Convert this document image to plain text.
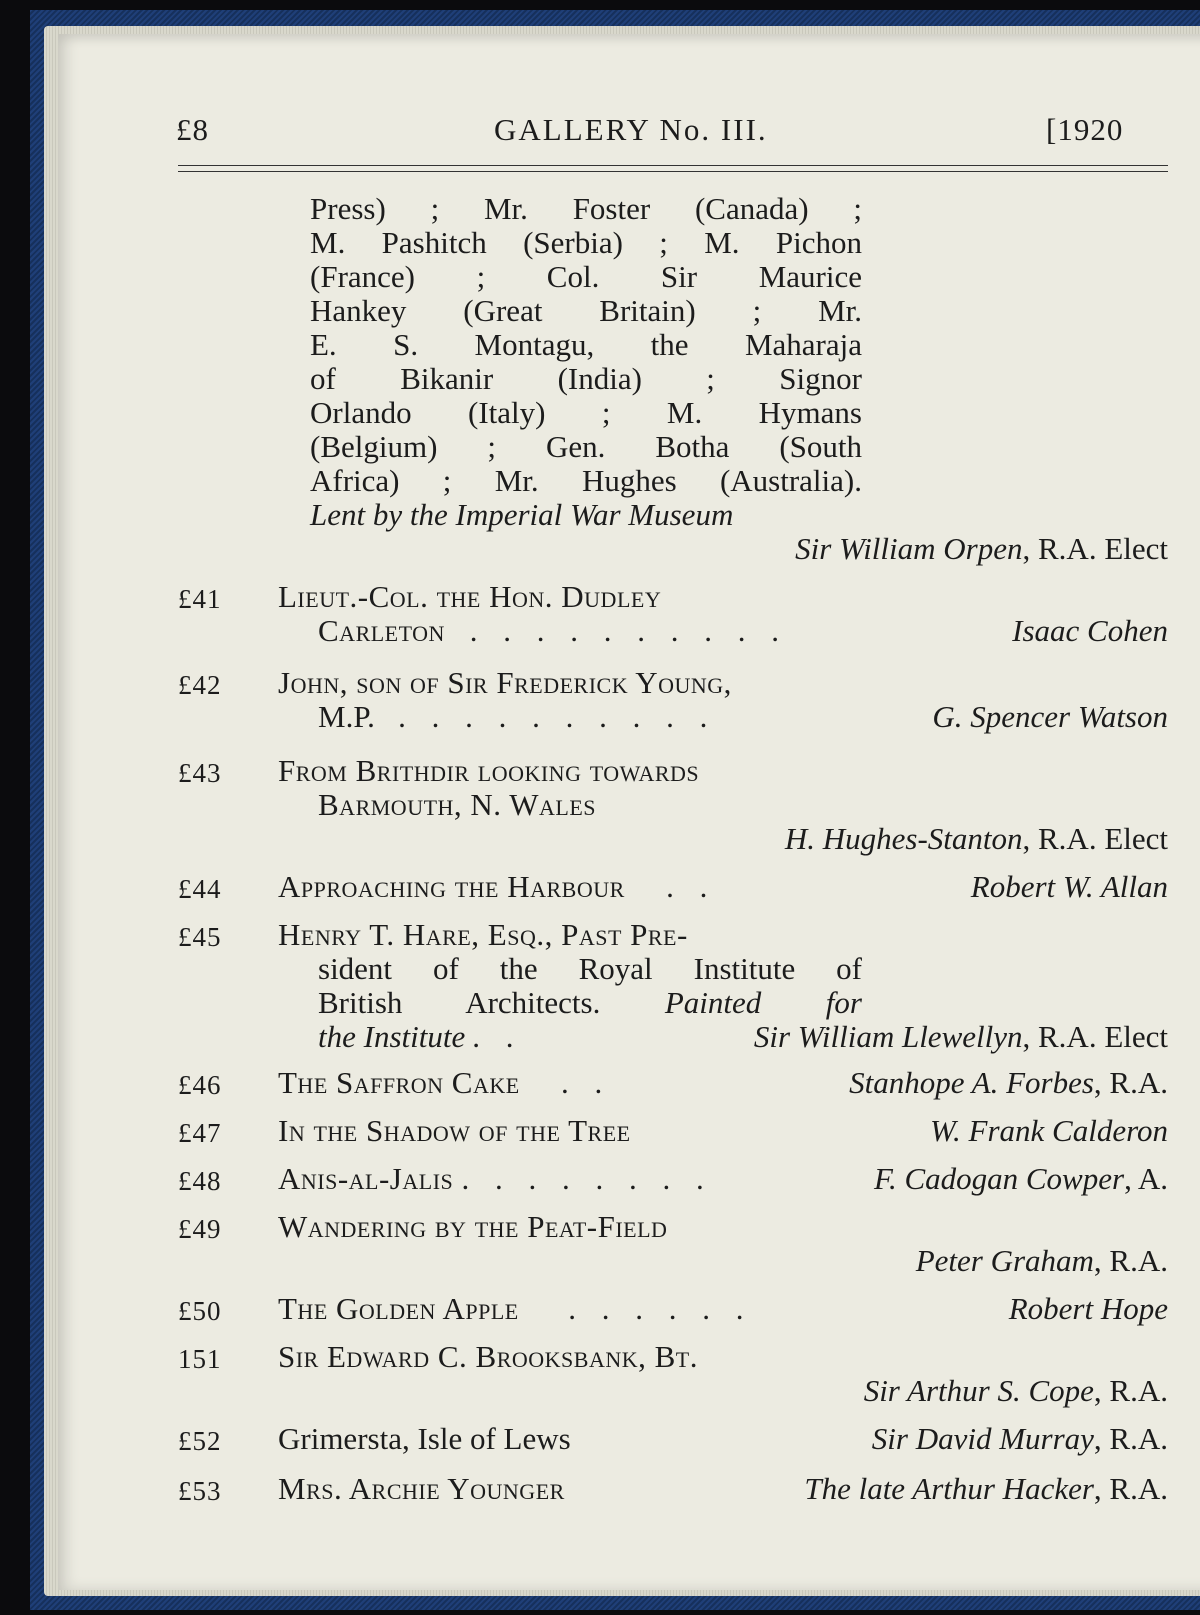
£8	GALLERY No. III.	[1920
Press) ; Mr. Foster (Canada) ;
M. Pashitch (Serbia) ; M. Pichon
(France) ; Col. Sir Maurice
Hankey (Great Britain) ; Mr.
E. S. Montagu, the Maharaja
of Bikanir (India) ; Signor
Orlando (Italy) ; M. Hymans
(Belgium) ; Gen. Botha (South
Africa) ; Mr. Hughes (Australia).
Lent by the Imperial War Museum
Sir William Orpen, R.A. Elect
£41 Lieut.-Col. the Hon. Dudley
Carleton . . . . . . . . . .	Isaac Cohen
£42 John, son of Sir Frederick Young,
M.P. . . . . . . . . . .	G. Spencer Watson
£43 From Brithdir looking towards
Barmouth, N. Wales
H. Hughes-Stanton, R.A. Elect
£44 Approaching the Harbour . .	Robert W. Allan
£45 Henry T. Hare, Esq., Past Pre-
sident of the Royal Institute of
British Architects. Painted for
the Institute . .	Sir William Llewellyn, R.A. Elect
£46 The Saffron Cake . .	Stanhope A. Forbes, R.A.
£47 In the Shadow of the Tree	W. Frank Calderon
£48 Anis-al-Jalis . . . . . . . .	F. Cadogan Cowper, A.
£49 Wandering by the Peat-Field
Peter Graham, R.A.
£50 The Golden Apple . . . . . .	Robert Hope
151 Sir Edward C. Brooksbank, Bt.
Sir Arthur S. Cope, R.A.
£52 Grimersta, Isle of Lews	Sir David Murray, R.A.
£53 Mrs. Archie Younger	The late Arthur Hacker, R.A.
